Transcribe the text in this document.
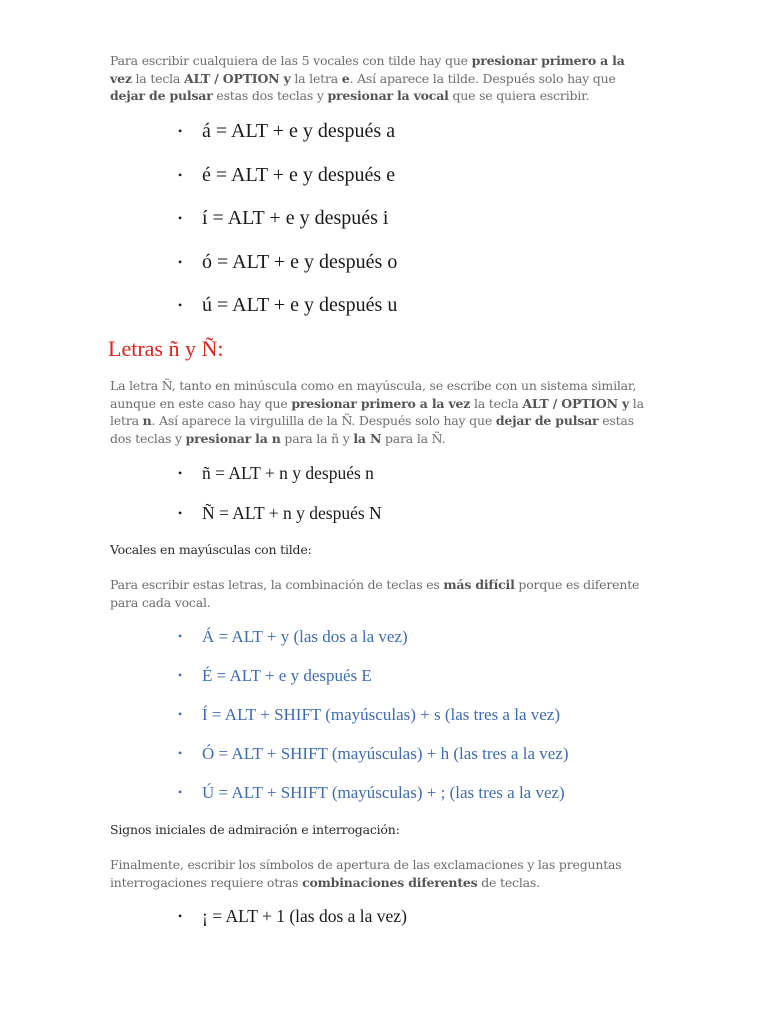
Para escribir cualquiera de las 5 vocales con tilde hay que presionar primero a la vez la tecla ALT / OPTION y la letra e. Así aparece la tilde. Después solo hay que dejar de pulsar estas dos teclas y presionar la vocal que se quiera escribir.

• á = ALT + e y después a
• é = ALT + e y después e
• í = ALT + e y después i
• ó = ALT + e y después o
• ú = ALT + e y después u
Letras ñ y Ñ:

La letra Ñ, tanto en minúscula como en mayúscula, se escribe con un sistema similar, aunque en este caso hay que presionar primero a la vez la tecla ALT / OPTION y la letra n. Así aparece la virgulilla de la Ñ. Después solo hay que dejar de pulsar estas dos teclas y presionar la n para la ñ y la N para la Ñ.

• ñ = ALT + n y después n
• Ñ = ALT + n y después N

Vocales en mayúsculas con tilde:

Para escribir estas letras, la combinación de teclas es más difícil porque es diferente para cada vocal.

• Á = ALT + y (las dos a la vez)
• É = ALT + e y después E
• Í = ALT + SHIFT (mayúsculas) + s (las tres a la vez)
• Ó = ALT + SHIFT (mayúsculas) + h (las tres a la vez)
• Ú = ALT + SHIFT (mayúsculas) + ; (las tres a la vez)

Signos iniciales de admiración e interrogación:

Finalmente, escribir los símbolos de apertura de las exclamaciones y las preguntas interrogaciones requiere otras combinaciones diferentes de teclas.

• ¡ = ALT + 1 (las dos a la vez)
